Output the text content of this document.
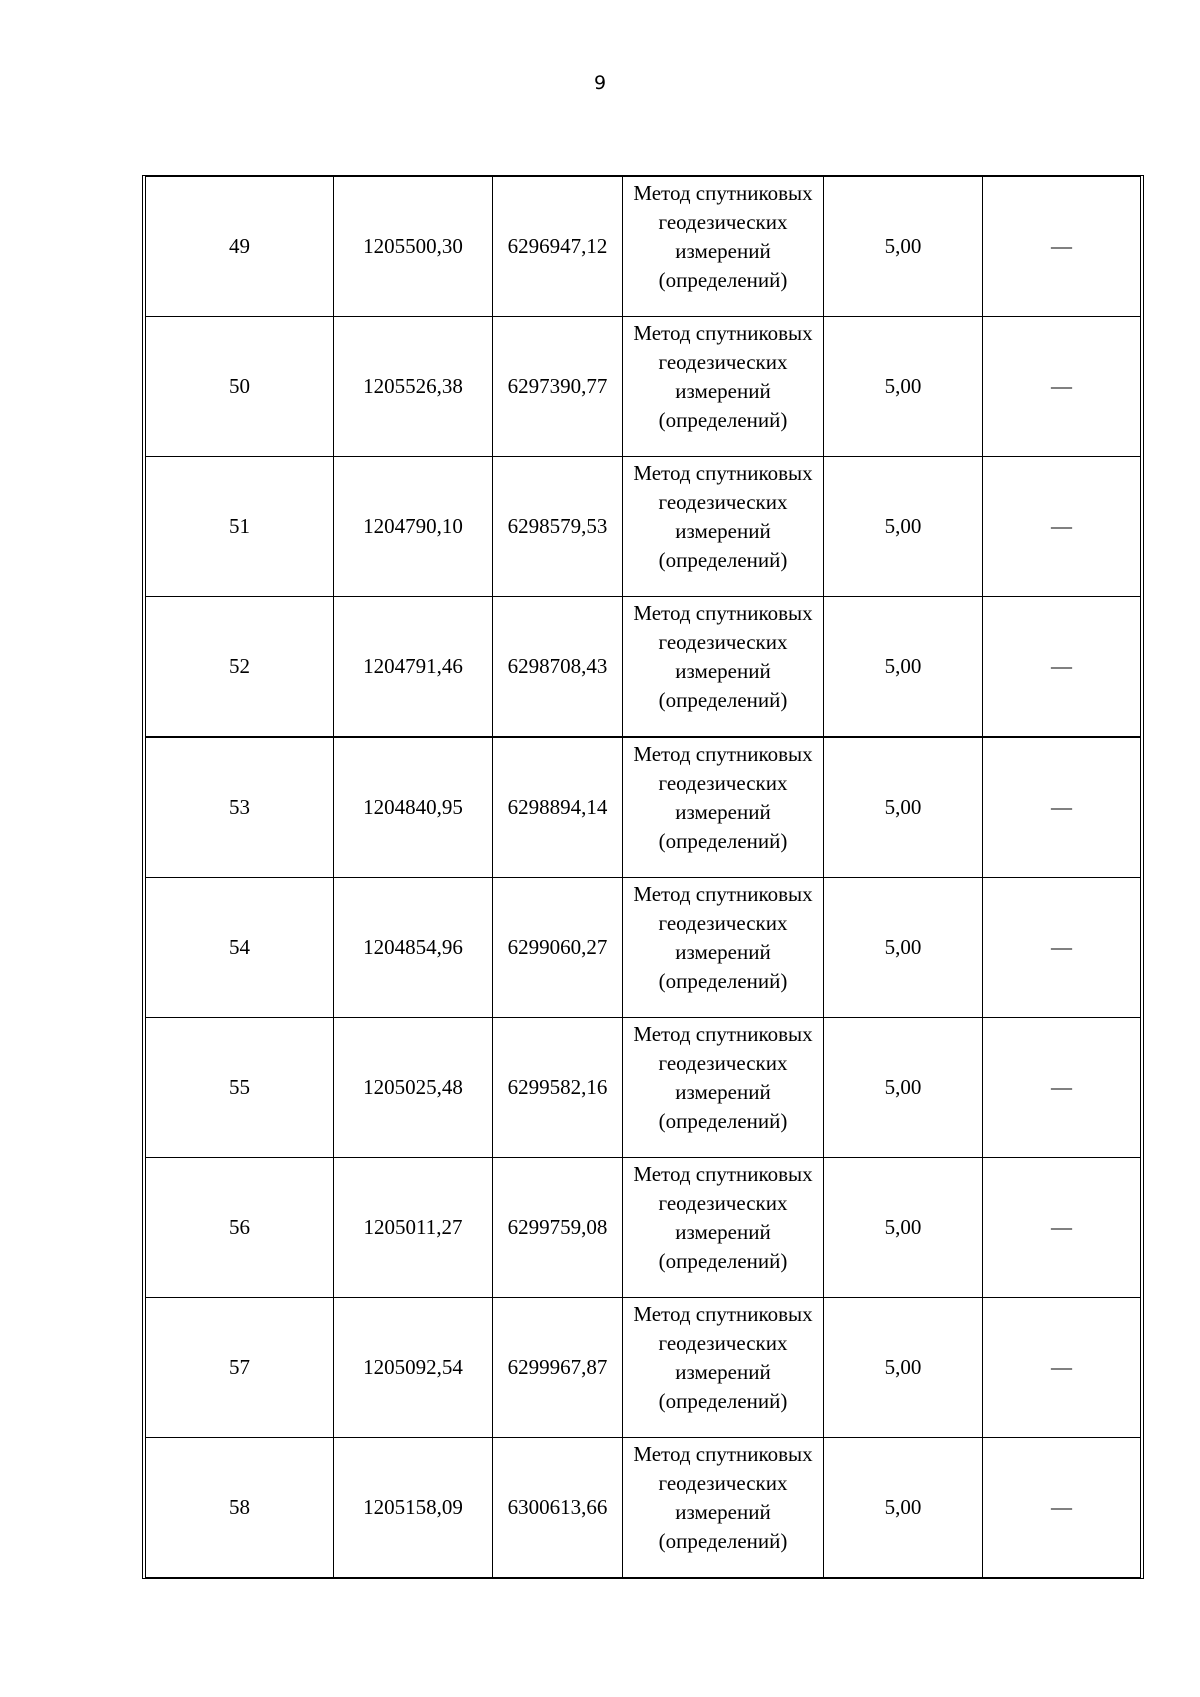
9
49	1205500,30	6296947,12	Метод спутниковых
геодезических
измерений
(определений)	5,00	—
50	1205526,38	6297390,77	Метод спутниковых
геодезических
измерений
(определений)	5,00	—
51	1204790,10	6298579,53	Метод спутниковых
геодезических
измерений
(определений)	5,00	—
52	1204791,46	6298708,43	Метод спутниковых
геодезических
измерений
(определений)	5,00	—
53	1204840,95	6298894,14	Метод спутниковых
геодезических
измерений
(определений)	5,00	—
54	1204854,96	6299060,27	Метод спутниковых
геодезических
измерений
(определений)	5,00	—
55	1205025,48	6299582,16	Метод спутниковых
геодезических
измерений
(определений)	5,00	—
56	1205011,27	6299759,08	Метод спутниковых
геодезических
измерений
(определений)	5,00	—
57	1205092,54	6299967,87	Метод спутниковых
геодезических
измерений
(определений)	5,00	—
58	1205158,09	6300613,66	Метод спутниковых
геодезических
измерений
(определений)	5,00	—
